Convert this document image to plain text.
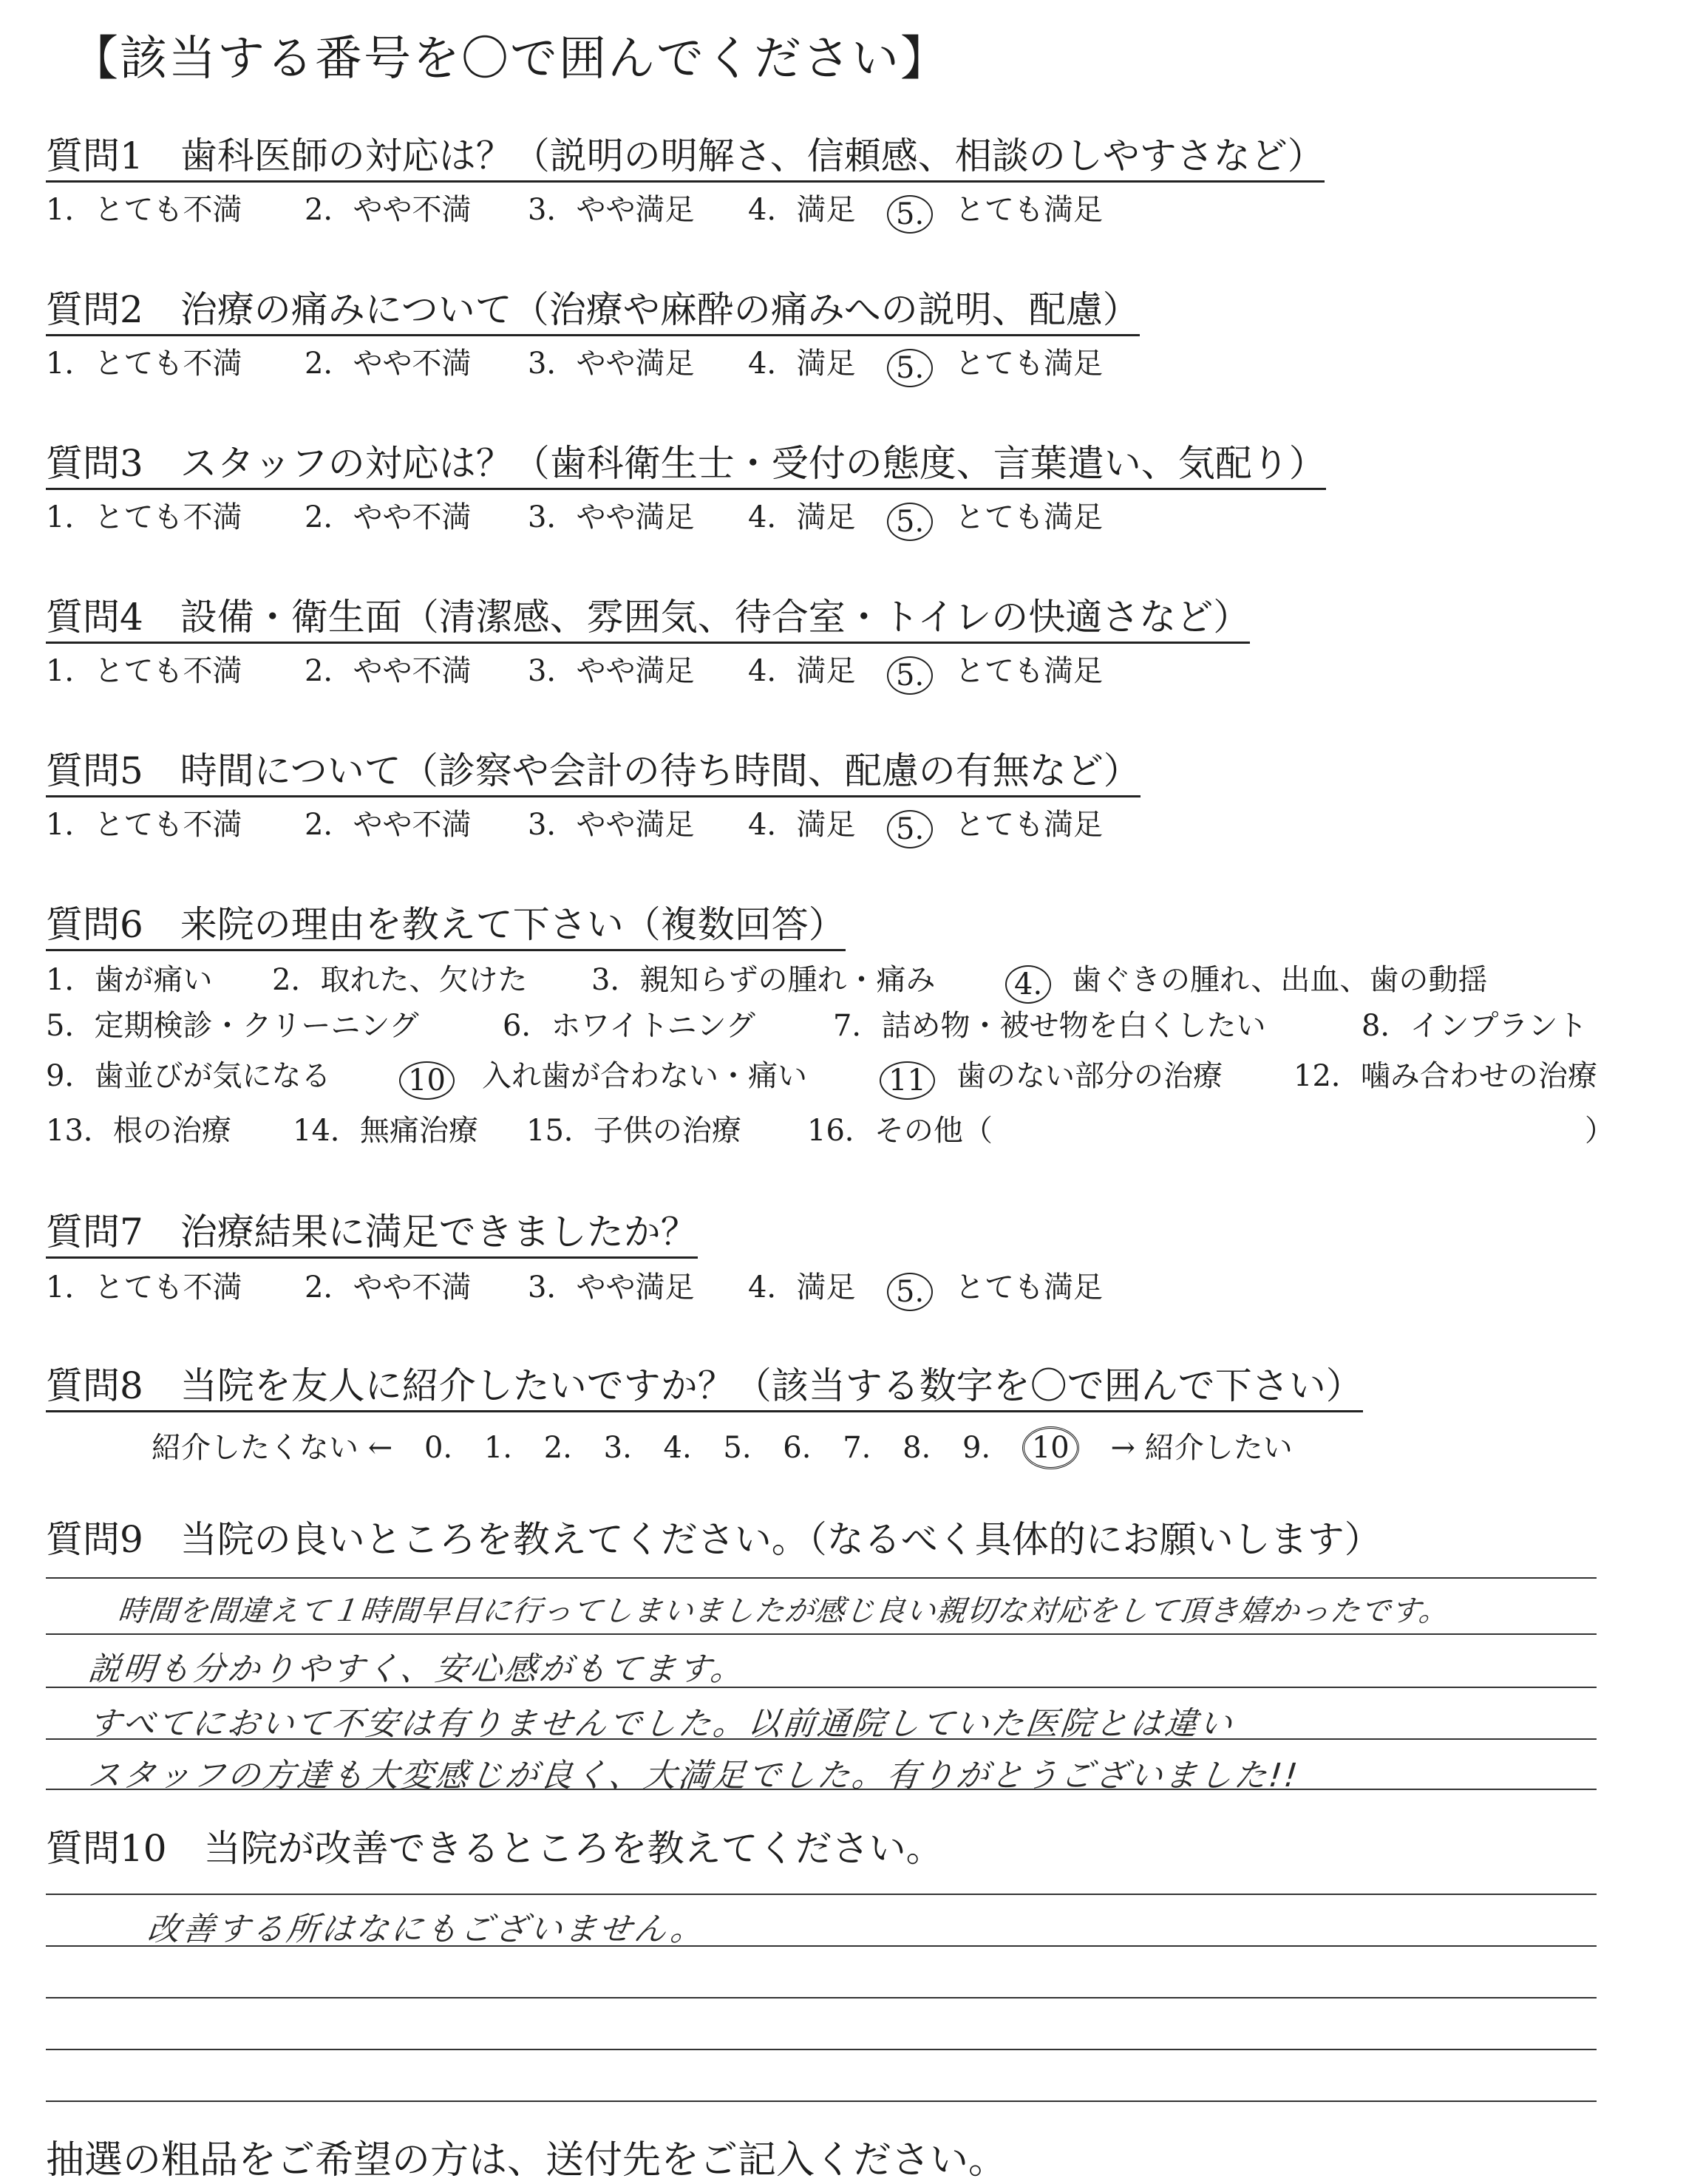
【該当する番号を〇で囲んでください】
質問1　歯科医師の対応は？（説明の明解さ、信頼感、相談のしやすさなど）
1．とても不満 2．やや不満 3．やや満足 4．満足 5. とても満足
質問2　治療の痛みについて（治療や麻酔の痛みへの説明、配慮）
1．とても不満 2．やや不満 3．やや満足 4．満足 5. とても満足
質問3　スタッフの対応は？（歯科衛生士・受付の態度、言葉遣い、気配り）
1．とても不満 2．やや不満 3．やや満足 4．満足 5. とても満足
質問4　設備・衛生面（清潔感、雰囲気、待合室・トイレの快適さなど）
1．とても不満 2．やや不満 3．やや満足 4．満足 5. とても満足
質問5　時間について（診察や会計の待ち時間、配慮の有無など）
1．とても不満 2．やや不満 3．やや満足 4．満足 5. とても満足
質問6　来院の理由を教えて下さい（複数回答）
1．歯が痛い 2．取れた、欠けた 3．親知らずの腫れ・痛み	4. 歯ぐきの腫れ、出血、歯の動揺
5．定期検診・クリーニング	6．ホワイトニング	7．詰め物・被せ物を白くしたい	8．インプラント
9．歯並びが気になる	10 入れ歯が合わない・痛い	11 歯のない部分の治療 12．噛み合わせの治療
13．根の治療 14．無痛治療 15．子供の治療 16．その他（	）
質問7　治療結果に満足できましたか？
1．とても不満 2．やや不満 3．やや満足 4．満足 5. とても満足
質問8　当院を友人に紹介したいですか？（該当する数字を〇で囲んで下さい）
紹介したくない ← 0. 1. 2. 3. 4. 5. 6. 7. 8. 9. 10 → 紹介したい
質問9　当院の良いところを教えてください。（なるべく具体的にお願いします）
時間を間違えて１時間早目に行ってしまいましたが感じ良い親切な対応をして頂き嬉かったです。
説明も分かりやすく、安心感がもてます。
すべてにおいて不安は有りませんでした。以前通院していた医院とは違い
スタッフの方達も大変感じが良く、大満足でした。有りがとうございました!!
質問10　当院が改善できるところを教えてください。
改善する所はなにもございません。
抽選の粗品をご希望の方は、送付先をご記入ください。
